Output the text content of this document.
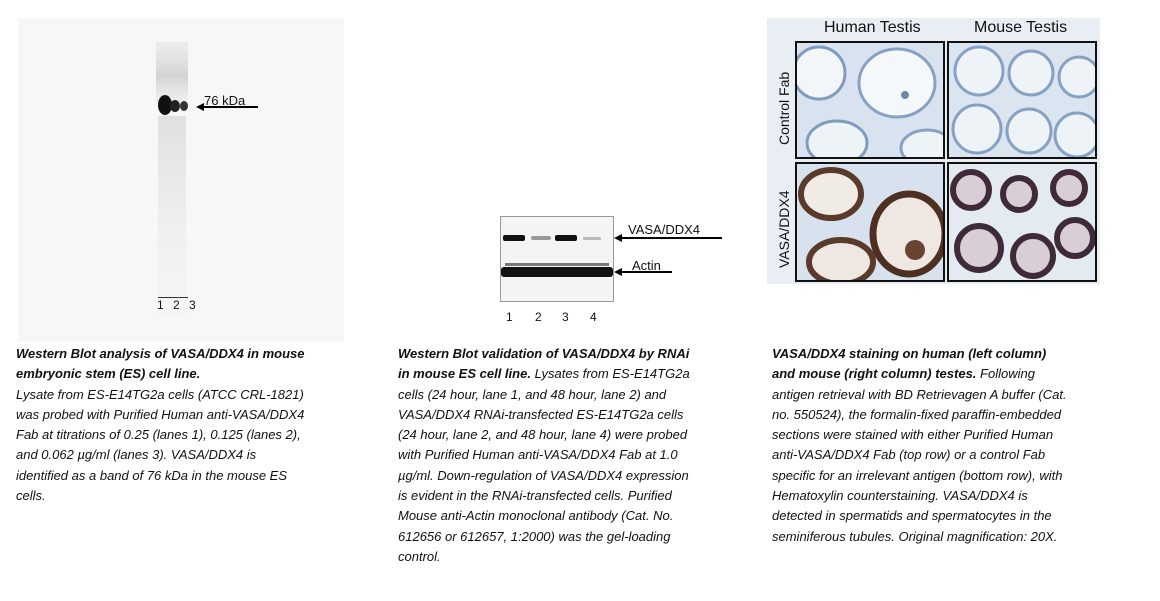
76 kDa
1 2 3
Western Blot analysis of VASA/DDX4 in mouse embryonic stem (ES) cell line.
Lysate from ES-E14TG2a cells (ATCC CRL-1821) was probed with Purified Human anti-VASA/DDX4 Fab at titrations of 0.25 (lanes 1), 0.125 (lanes 2), and 0.062 µg/ml (lanes 3). VASA/DDX4 is identified as a band of 76 kDa in the mouse ES cells.
VASA/DDX4
Actin
1 2 3 4
Western Blot validation of VASA/DDX4 by RNAi in mouse ES cell line. Lysates from ES-E14TG2a cells (24 hour, lane 1, and 48 hour, lane 2) and VASA/DDX4 RNAi-transfected ES-E14TG2a cells (24 hour, lane 2, and 48 hour, lane 4) were probed with Purified Human anti-VASA/DDX4 Fab at 1.0 µg/ml. Down-regulation of VASA/DDX4 expression is evident in the RNAi-transfected cells. Purified Mouse anti-Actin monoclonal antibody (Cat. No. 612656 or 612657, 1:2000) was the gel-loading control.
Human Testis	Mouse Testis
Control Fab
VASA/DDX4
VASA/DDX4 staining on human (left column) and mouse (right column) testes. Following antigen retrieval with BD Retrievagen A buffer (Cat. no. 550524), the formalin-fixed paraffin-embedded sections were stained with either Purified Human anti-VASA/DDX4 Fab (top row) or a control Fab specific for an irrelevant antigen (bottom row), with Hematoxylin counterstaining. VASA/DDX4 is detected in spermatids and spermatocytes in the seminiferous tubules. Original magnification: 20X.
